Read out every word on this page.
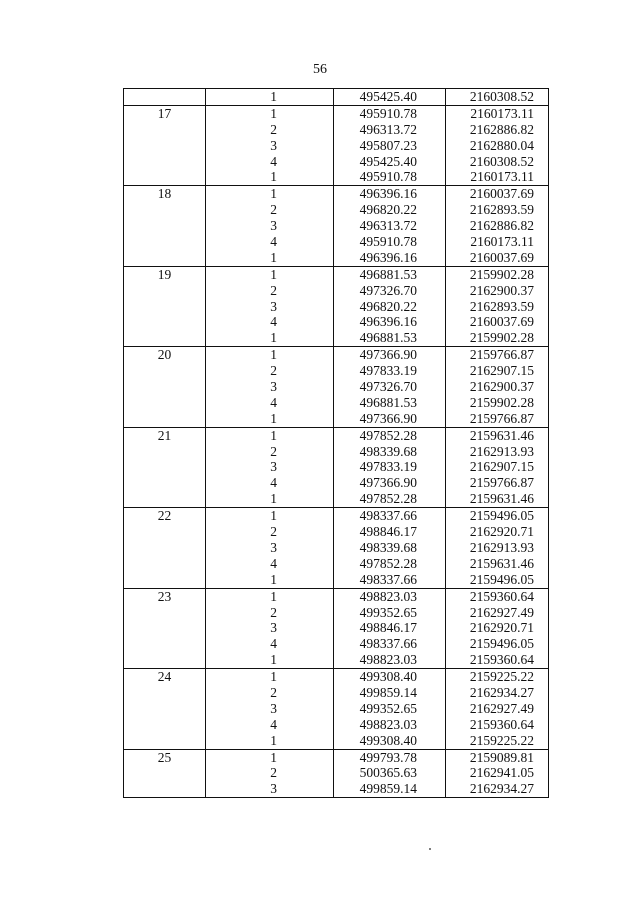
56
	1	495425.40	2160308.52
17	1	495910.78	2160173.11
	2	496313.72	2162886.82
	3	495807.23	2162880.04
	4	495425.40	2160308.52
	1	495910.78	2160173.11
18	1	496396.16	2160037.69
	2	496820.22	2162893.59
	3	496313.72	2162886.82
	4	495910.78	2160173.11
	1	496396.16	2160037.69
19	1	496881.53	2159902.28
	2	497326.70	2162900.37
	3	496820.22	2162893.59
	4	496396.16	2160037.69
	1	496881.53	2159902.28
20	1	497366.90	2159766.87
	2	497833.19	2162907.15
	3	497326.70	2162900.37
	4	496881.53	2159902.28
	1	497366.90	2159766.87
21	1	497852.28	2159631.46
	2	498339.68	2162913.93
	3	497833.19	2162907.15
	4	497366.90	2159766.87
	1	497852.28	2159631.46
22	1	498337.66	2159496.05
	2	498846.17	2162920.71
	3	498339.68	2162913.93
	4	497852.28	2159631.46
	1	498337.66	2159496.05
23	1	498823.03	2159360.64
	2	499352.65	2162927.49
	3	498846.17	2162920.71
	4	498337.66	2159496.05
	1	498823.03	2159360.64
24	1	499308.40	2159225.22
	2	499859.14	2162934.27
	3	499352.65	2162927.49
	4	498823.03	2159360.64
	1	499308.40	2159225.22
25	1	499793.78	2159089.81
	2	500365.63	2162941.05
	3	499859.14	2162934.27
